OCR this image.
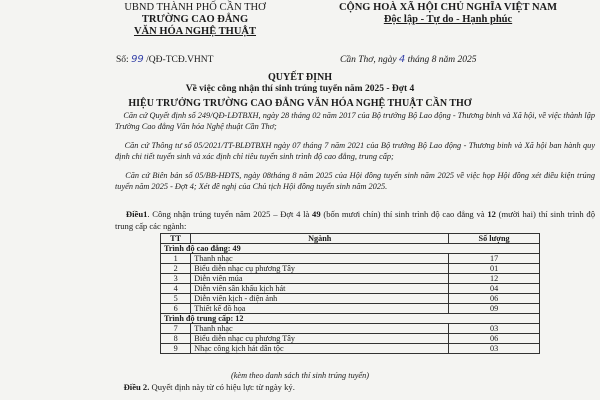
UBND THÀNH PHỐ CẦN THƠ
TRƯỜNG CAO ĐẲNG
VĂN HÓA NGHỆ THUẬT
CỘNG HOÀ XÃ HỘI CHỦ NGHĨA VIỆT NAM
Độc lập - Tự do - Hạnh phúc
Số: 99 /QĐ-TCĐ.VHNT	Cần Thơ, ngày 4 tháng 8 năm 2025
QUYẾT ĐỊNH
Về việc công nhận thí sinh trúng tuyển năm 2025 - Đợt 4
HIỆU TRƯỞNG TRƯỜNG CAO ĐẲNG VĂN HÓA NGHỆ THUẬT CẦN THƠ
Căn cứ Quyết định số 249/QĐ-LĐTBXH, ngày 28 tháng 02 năm 2017 của Bộ trưởng Bộ Lao động - Thương binh và Xã hội, về việc thành lập Trường Cao đẳng Văn hóa Nghệ thuật Cần Thơ;
Căn cứ Thông tư số 05/2021/TT-BLĐTBXH ngày 07 tháng 7 năm 2021 của Bộ trưởng Bộ Lao động - Thương binh và Xã hội ban hành quy định chi tiết tuyển sinh và xác định chỉ tiêu tuyển sinh trình độ cao đẳng, trung cấp;
Căn cứ Biên bản số 05/BB-HĐTS, ngày 08tháng 8 năm 2025 của Hội đồng tuyển sinh năm 2025 về việc họp Hội đồng xét điều kiện trúng tuyển năm 2025 - Đợt 4; Xét đề nghị của Chủ tịch Hội đồng tuyển sinh năm 2025.
Điều1. Công nhận trúng tuyển năm 2025 – Đợt 4 là 49 (bốn mươi chín) thí sinh trình độ cao đẳng và 12 (mười hai) thí sinh trình độ trung cấp các ngành:
TT	Ngành	Số lượng
Trình độ cao đẳng: 49		
1	Thanh nhạc	17
2	Biểu diễn nhạc cụ phương Tây	01
3	Diễn viên múa	12
4	Diễn viên sân khấu kịch hát	04
5	Diễn viên kịch - điện ảnh	06
6	Thiết kế đồ họa	09
Trình độ trung cấp: 12		
7	Thanh nhạc	03
8	Biểu diễn nhạc cụ phương Tây	06
9	Nhạc công kịch hát dân tộc	03
(kèm theo danh sách thí sinh trúng tuyển)
Điều 2. Quyết định này từ có hiệu lực từ ngày ký.
